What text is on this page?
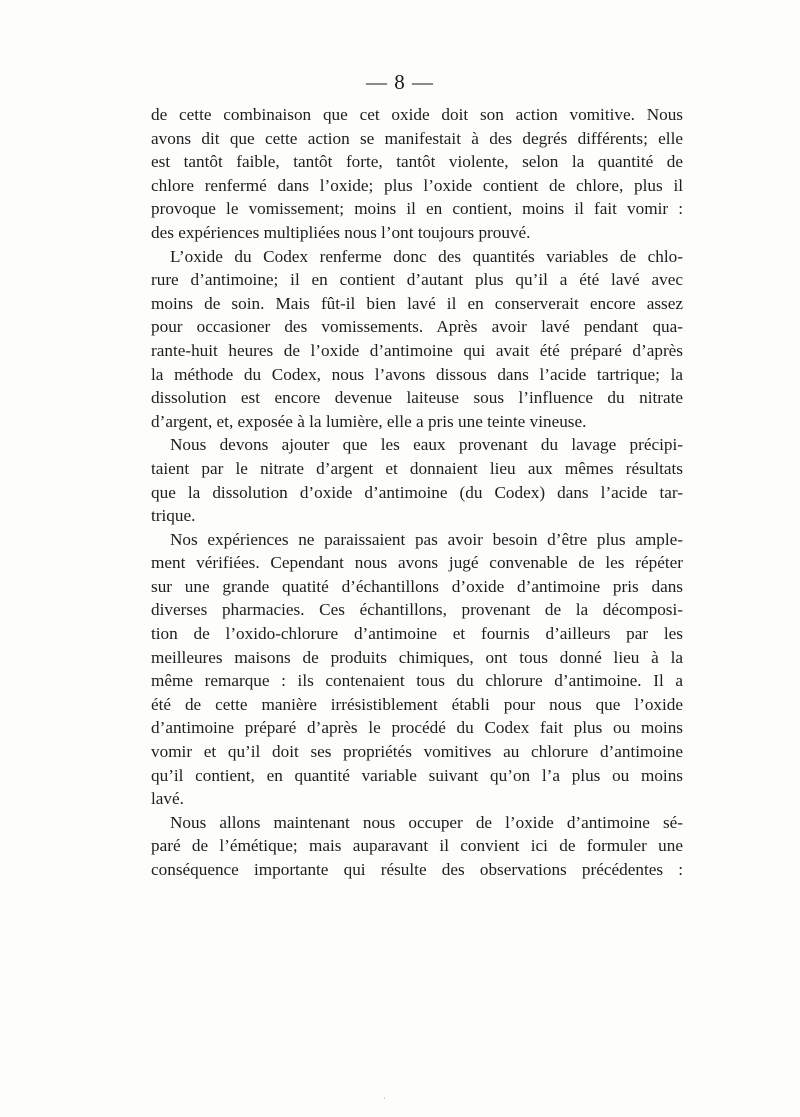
— 8 —
de cette combinaison que cet oxide doit son action vomitive. Nous
avons dit que cette action se manifestait à des degrés différents; elle
est tantôt faible, tantôt forte, tantôt violente, selon la quantité de
chlore renfermé dans l’oxide; plus l’oxide contient de chlore, plus il
provoque le vomissement; moins il en contient, moins il fait vomir :
des expériences multipliées nous l’ont toujours prouvé.
L’oxide du Codex renferme donc des quantités variables de chlo-
rure d’antimoine; il en contient d’autant plus qu’il a été lavé avec
moins de soin. Mais fût-il bien lavé il en conserverait encore assez
pour occasioner des vomissements. Après avoir lavé pendant qua-
rante-huit heures de l’oxide d’antimoine qui avait été préparé d’après
la méthode du Codex, nous l’avons dissous dans l’acide tartrique; la
dissolution est encore devenue laiteuse sous l’influence du nitrate
d’argent, et, exposée à la lumière, elle a pris une teinte vineuse.
Nous devons ajouter que les eaux provenant du lavage précipi-
taient par le nitrate d’argent et donnaient lieu aux mêmes résultats
que la dissolution d’oxide d’antimoine (du Codex) dans l’acide tar-
trique.
Nos expériences ne paraissaient pas avoir besoin d’être plus ample-
ment vérifiées. Cependant nous avons jugé convenable de les répéter
sur une grande quatité d’échantillons d’oxide d’antimoine pris dans
diverses pharmacies. Ces échantillons, provenant de la décomposi-
tion de l’oxido-chlorure d’antimoine et fournis d’ailleurs par les
meilleures maisons de produits chimiques, ont tous donné lieu à la
même remarque : ils contenaient tous du chlorure d’antimoine. Il a
été de cette manière irrésistiblement établi pour nous que l’oxide
d’antimoine préparé d’après le procédé du Codex fait plus ou moins
vomir et qu’il doit ses propriétés vomitives au chlorure d’antimoine
qu’il contient, en quantité variable suivant qu’on l’a plus ou moins
lavé.
Nous allons maintenant nous occuper de l’oxide d’antimoine sé-
paré de l’émétique; mais auparavant il convient ici de formuler une
conséquence importante qui résulte des observations précédentes :
·
